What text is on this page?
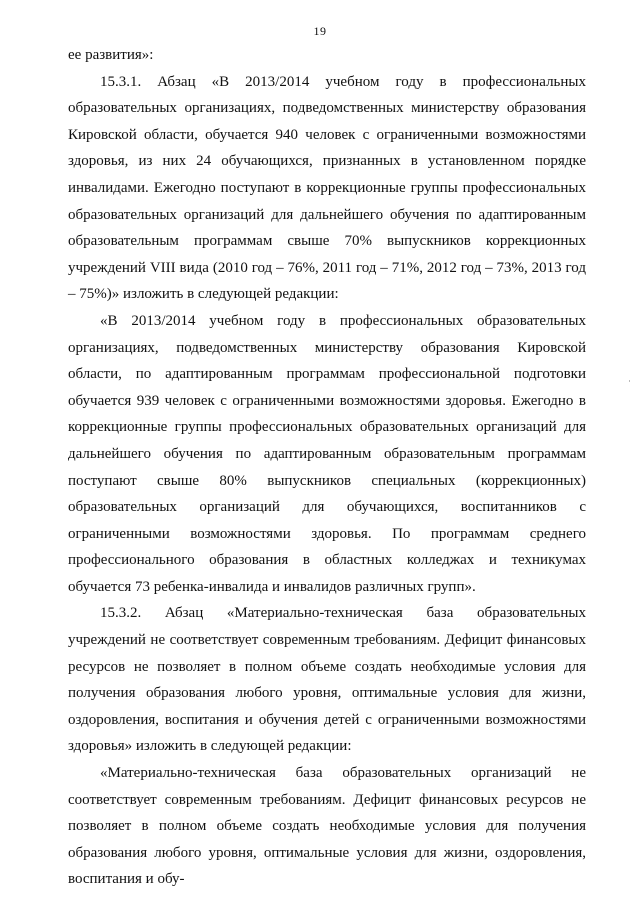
19

ее развития»:

15.3.1. Абзац «В 2013/2014 учебном году в профессиональных образовательных организациях, подведомственных министерству образования Кировской области, обучается 940 человек с ограниченными возможностями здоровья, из них 24 обучающихся, признанных в установленном порядке инвалидами. Ежегодно поступают в коррекционные группы профессиональных образовательных организаций для дальнейшего обучения по адаптированным образовательным программам свыше 70% выпускников коррекционных учреждений VIII вида (2010 год – 76%, 2011 год – 71%, 2012 год – 73%, 2013 год – 75%)» изложить в следующей редакции:

«В 2013/2014 учебном году в профессиональных образовательных организациях, подведомственных министерству образования Кировской области, по адаптированным программам профессиональной подготовки обучается 939 человек с ограниченными возможностями здоровья. Ежегодно в коррекционные группы профессиональных образовательных организаций для дальнейшего обучения по адаптированным образовательным программам поступают свыше 80% выпускников специальных (коррекционных) образовательных организаций для обучающихся, воспитанников с ограниченными возможностями здоровья. По программам среднего профессионального образования в областных колледжах и техникумах обучается 73 ребенка-инвалида и инвалидов различных групп».

15.3.2. Абзац «Материально-техническая база образовательных учреждений не соответствует современным требованиям. Дефицит финансовых ресурсов не позволяет в полном объеме создать необходимые условия для получения образования любого уровня, оптимальные условия для жизни, оздоровления, воспитания и обучения детей с ограниченными возможностями здоровья» изложить в следующей редакции:

«Материально-техническая база образовательных организаций не соответствует современным требованиям. Дефицит финансовых ресурсов не позволяет в полном объеме создать необходимые условия для получения образования любого уровня, оптимальные условия для жизни, оздоровления, воспитания и обу-
